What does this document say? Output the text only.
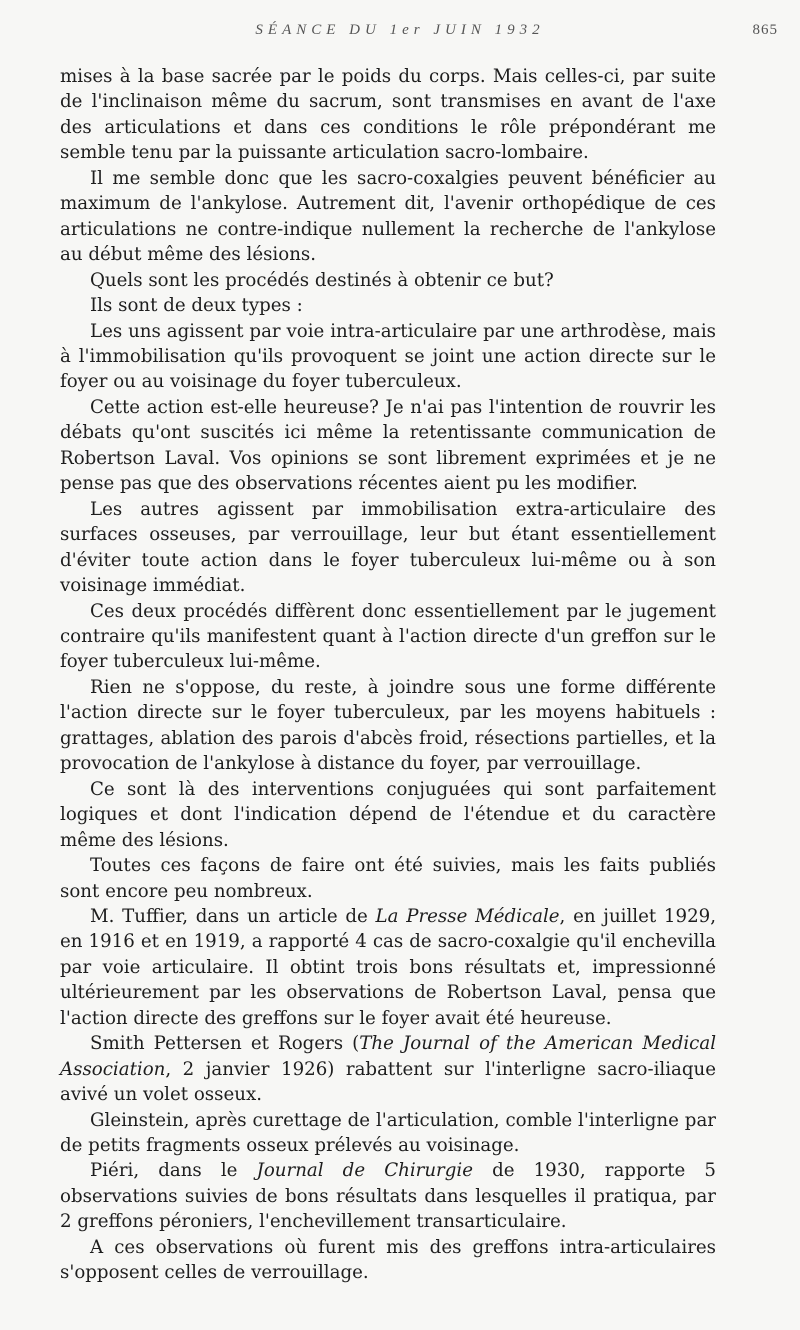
SÉANCE DU 1er JUIN 1932	865

mises à la base sacrée par le poids du corps. Mais celles-ci, par suite de l'inclinaison même du sacrum, sont transmises en avant de l'axe des articulations et dans ces conditions le rôle prépondérant me semble tenu par la puissante articulation sacro-lombaire.

Il me semble donc que les sacro-coxalgies peuvent bénéficier au maximum de l'ankylose. Autrement dit, l'avenir orthopédique de ces articulations ne contre-indique nullement la recherche de l'ankylose au début même des lésions.

Quels sont les procédés destinés à obtenir ce but?

Ils sont de deux types :

Les uns agissent par voie intra-articulaire par une arthrodèse, mais à l'immobilisation qu'ils provoquent se joint une action directe sur le foyer ou au voisinage du foyer tuberculeux.

Cette action est-elle heureuse? Je n'ai pas l'intention de rouvrir les débats qu'ont suscités ici même la retentissante communication de Robertson Laval. Vos opinions se sont librement exprimées et je ne pense pas que des observations récentes aient pu les modifier.

Les autres agissent par immobilisation extra-articulaire des surfaces osseuses, par verrouillage, leur but étant essentiellement d'éviter toute action dans le foyer tuberculeux lui-même ou à son voisinage immédiat.

Ces deux procédés diffèrent donc essentiellement par le jugement contraire qu'ils manifestent quant à l'action directe d'un greffon sur le foyer tuberculeux lui-même.

Rien ne s'oppose, du reste, à joindre sous une forme différente l'action directe sur le foyer tuberculeux, par les moyens habituels : grattages, ablation des parois d'abcès froid, résections partielles, et la provocation de l'ankylose à distance du foyer, par verrouillage.

Ce sont là des interventions conjuguées qui sont parfaitement logiques et dont l'indication dépend de l'étendue et du caractère même des lésions.

Toutes ces façons de faire ont été suivies, mais les faits publiés sont encore peu nombreux.

M. Tuffier, dans un article de La Presse Médicale, en juillet 1929, en 1916 et en 1919, a rapporté 4 cas de sacro-coxalgie qu'il enchevilla par voie articulaire. Il obtint trois bons résultats et, impressionné ultérieurement par les observations de Robertson Laval, pensa que l'action directe des greffons sur le foyer avait été heureuse.

Smith Pettersen et Rogers (The Journal of the American Medical Association, 2 janvier 1926) rabattent sur l'interligne sacro-iliaque avivé un volet osseux.

Gleinstein, après curettage de l'articulation, comble l'interligne par de petits fragments osseux prélevés au voisinage.

Piéri, dans le Journal de Chirurgie de 1930, rapporte 5 observations suivies de bons résultats dans lesquelles il pratiqua, par 2 greffons péroniers, l'enchevillement transarticulaire.

A ces observations où furent mis des greffons intra-articulaires s'opposent celles de verrouillage.
